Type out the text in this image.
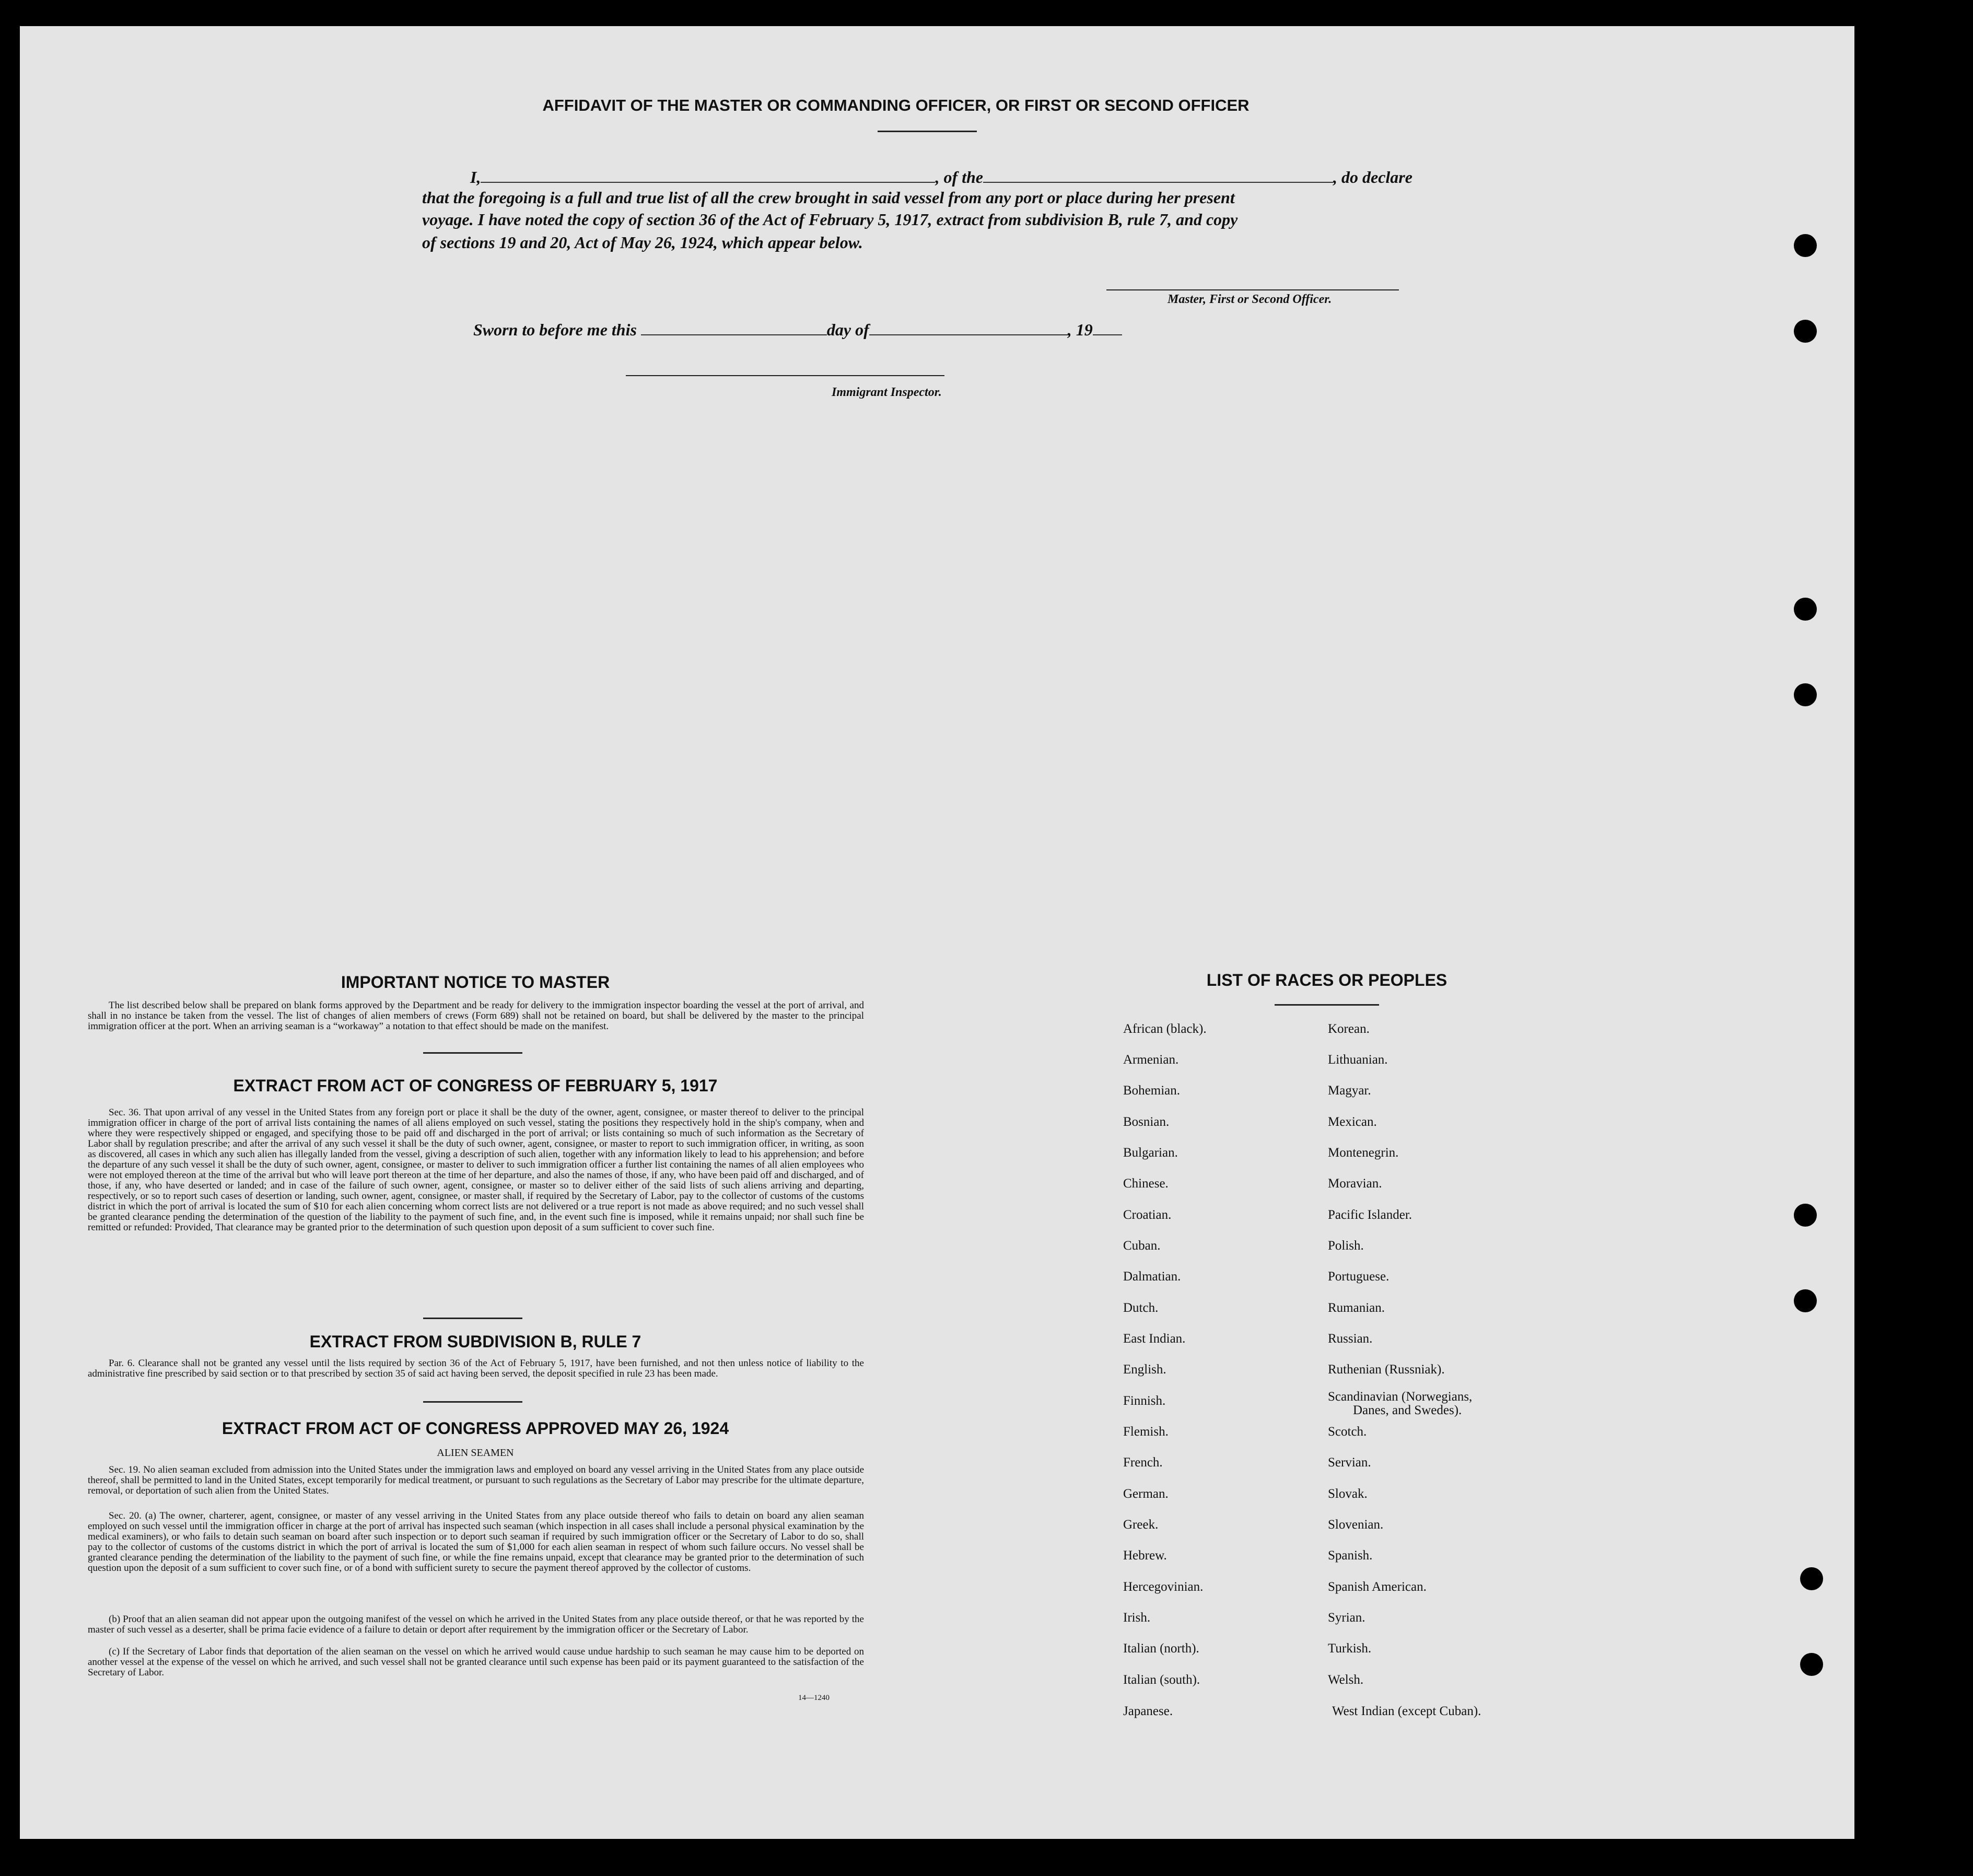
AFFIDAVIT OF THE MASTER OR COMMANDING OFFICER, OR FIRST OR SECOND OFFICER
I,	, of the	, do declare
that the foregoing is a full and true list of all the crew brought in said vessel from any port or place during her present
voyage. I have noted the copy of section 36 of the Act of February 5, 1917, extract from subdivision B, rule 7, and copy
of sections 19 and 20, Act of May 26, 1924, which appear below.
Master, First or Second Officer.
Sworn to before me this	day of	, 19
Immigrant Inspector.
IMPORTANT NOTICE TO MASTER
The list described below shall be prepared on blank forms approved by the Department and be ready for delivery to the immigration inspector boarding the vessel at the port of arrival, and shall in no instance be taken from the vessel. The list of changes of alien members of crews (Form 689) shall not be retained on board, but shall be delivered by the master to the principal immigration officer at the port. When an arriving seaman is a “workaway” a notation to that effect should be made on the manifest.
EXTRACT FROM ACT OF CONGRESS OF FEBRUARY 5, 1917
Sec. 36. That upon arrival of any vessel in the United States from any foreign port or place it shall be the duty of the owner, agent, consignee, or master thereof to deliver to the principal immigration officer in charge of the port of arrival lists containing the names of all aliens employed on such vessel, stating the positions they respectively hold in the ship's company, when and where they were respectively shipped or engaged, and specifying those to be paid off and discharged in the port of arrival; or lists containing so much of such information as the Secretary of Labor shall by regulation prescribe; and after the arrival of any such vessel it shall be the duty of such owner, agent, consignee, or master to report to such immigration officer, in writing, as soon as discovered, all cases in which any such alien has illegally landed from the vessel, giving a description of such alien, together with any information likely to lead to his apprehension; and before the departure of any such vessel it shall be the duty of such owner, agent, consignee, or master to deliver to such immigration officer a further list containing the names of all alien employees who were not employed thereon at the time of the arrival but who will leave port thereon at the time of her departure, and also the names of those, if any, who have been paid off and discharged, and of those, if any, who have deserted or landed; and in case of the failure of such owner, agent, consignee, or master so to deliver either of the said lists of such aliens arriving and departing, respectively, or so to report such cases of desertion or landing, such owner, agent, consignee, or master shall, if required by the Secretary of Labor, pay to the collector of customs of the customs district in which the port of arrival is located the sum of $10 for each alien concerning whom correct lists are not delivered or a true report is not made as above required; and no such vessel shall be granted clearance pending the determination of the question of the liability to the payment of such fine, and, in the event such fine is imposed, while it remains unpaid; nor shall such fine be remitted or refunded: Provided, That clearance may be granted prior to the determination of such question upon deposit of a sum sufficient to cover such fine.
EXTRACT FROM SUBDIVISION B, RULE 7
Par. 6. Clearance shall not be granted any vessel until the lists required by section 36 of the Act of February 5, 1917, have been furnished, and not then unless notice of liability to the administrative fine prescribed by said section or to that prescribed by section 35 of said act having been served, the deposit specified in rule 23 has been made.
EXTRACT FROM ACT OF CONGRESS APPROVED MAY 26, 1924
ALIEN SEAMEN
Sec. 19. No alien seaman excluded from admission into the United States under the immigration laws and employed on board any vessel arriving in the United States from any place outside thereof, shall be permitted to land in the United States, except temporarily for medical treatment, or pursuant to such regulations as the Secretary of Labor may prescribe for the ultimate departure, removal, or deportation of such alien from the United States.
Sec. 20. (a) The owner, charterer, agent, consignee, or master of any vessel arriving in the United States from any place outside thereof who fails to detain on board any alien seaman employed on such vessel until the immigration officer in charge at the port of arrival has inspected such seaman (which inspection in all cases shall include a personal physical examination by the medical examiners), or who fails to detain such seaman on board after such inspection or to deport such seaman if required by such immigration officer or the Secretary of Labor to do so, shall pay to the collector of customs of the customs district in which the port of arrival is located the sum of $1,000 for each alien seaman in respect of whom such failure occurs. No vessel shall be granted clearance pending the determination of the liability to the payment of such fine, or while the fine remains unpaid, except that clearance may be granted prior to the determination of such question upon the deposit of a sum sufficient to cover such fine, or of a bond with sufficient surety to secure the payment thereof approved by the collector of customs.
(b) Proof that an alien seaman did not appear upon the outgoing manifest of the vessel on which he arrived in the United States from any place outside thereof, or that he was reported by the master of such vessel as a deserter, shall be prima facie evidence of a failure to detain or deport after requirement by the immigration officer or the Secretary of Labor.
(c) If the Secretary of Labor finds that deportation of the alien seaman on the vessel on which he arrived would cause undue hardship to such seaman he may cause him to be deported on another vessel at the expense of the vessel on which he arrived, and such vessel shall not be granted clearance until such expense has been paid or its payment guaranteed to the satisfaction of the Secretary of Labor.
14—1240
LIST OF RACES OR PEOPLES
African (black).
Armenian.
Bohemian.
Bosnian.
Bulgarian.
Chinese.
Croatian.
Cuban.
Dalmatian.
Dutch.
East Indian.
English.
Finnish.
Flemish.
French.
German.
Greek.
Hebrew.
Hercegovinian.
Irish.
Italian (north).
Italian (south).
Japanese.
Korean.
Lithuanian.
Magyar.
Mexican.
Montenegrin.
Moravian.
Pacific Islander.
Polish.
Portuguese.
Rumanian.
Russian.
Ruthenian (Russniak).
Scandinavian (Norwegians,
Danes, and Swedes).
Scotch.
Servian.
Slovak.
Slovenian.
Spanish.
Spanish American.
Syrian.
Turkish.
Welsh.
West Indian (except Cuban).
